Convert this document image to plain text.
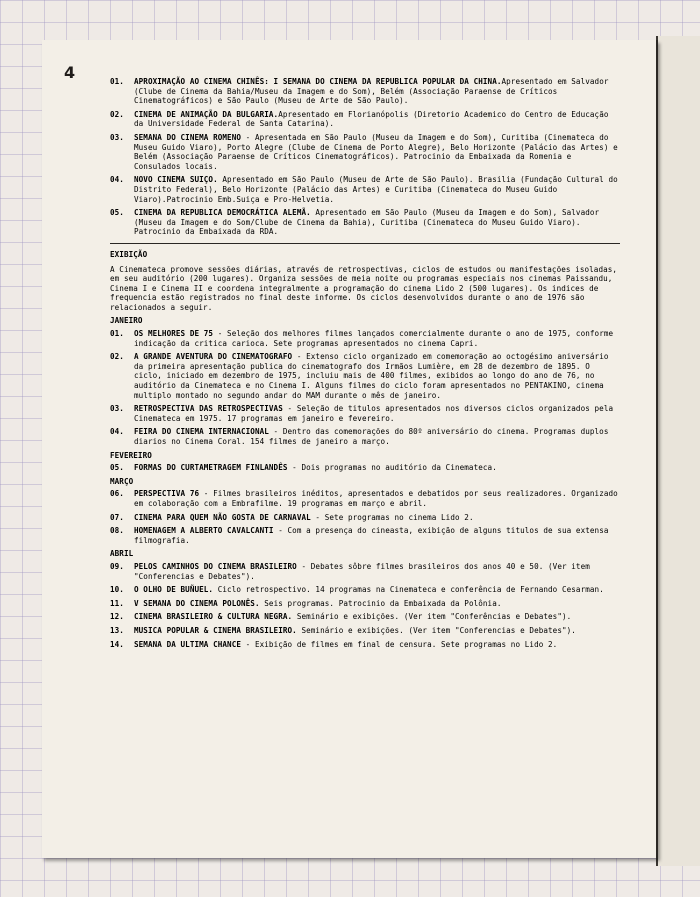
4	01.	APROXIMAÇÃO AO CINEMA CHINÊS: I SEMANA DO CINEMA DA REPUBLICA POPULAR DA CHINA.Apresentado em Salvador (Clube de Cinema da Bahia/Museu da Imagem e do Som), Belém (Associação Paraense de Críticos Cinematográficos) e São Paulo (Museu de Arte de São Paulo).
02.	CINEMA DE ANIMAÇÃO DA BULGARIA.Apresentado em Florianópolis (Diretorio Academico do Centro de Educação da Universidade Federal de Santa Catarina).
03.	SEMANA DO CINEMA ROMENO - Apresentada em São Paulo (Museu da Imagem e do Som), Curitiba (Cinemateca do Museu Guido Viaro), Porto Alegre (Clube de Cinema de Porto Alegre), Belo Horizonte (Palácio das Artes) e Belém (Associação Paraense de Críticos Cinematográficos). Patrocinio da Embaixada da Romenia e Consulados locais.
04.	NOVO CINEMA SUIÇO. Apresentado em São Paulo (Museu de Arte de São Paulo). Brasilia (Fundação Cultural do Distrito Federal), Belo Horizonte (Palácio das Artes) e Curitiba (Cinemateca do Museu Guido Viaro).Patrocinio Emb.Suiça e Pro-Helvetia.
05.	CINEMA DA REPUBLICA DEMOCRÁTICA ALEMÃ. Apresentado em São Paulo (Museu da Imagem e do Som), Salvador (Museu da Imagem e do Som/Clube de Cinema da Bahia), Curitiba (Cinemateca do Museu Guido Viaro). Patrocinio da Embaixada da RDA.
EXIBIÇÃO
A Cinemateca promove sessões diárias, através de retrospectivas, ciclos de estudos ou manifestações isoladas, em seu auditório (200 lugares). Organiza sessões de meia noite ou programas especiais nos cinemas Paissandu, Cinema I e Cinema II e coordena integralmente a programação do cinema Lido 2 (500 lugares). Os indices de frequencia estão registrados no final deste informe. Os ciclos desenvolvidos durante o ano de 1976 são relacionados a seguir.
JANEIRO
01.	OS MELHORES DE 75 - Seleção dos melhores filmes lançados comercialmente durante o ano de 1975, conforme indicação da critica carioca. Sete programas apresentados no cinema Capri.
02.	A GRANDE AVENTURA DO CINEMATOGRAFO - Extenso ciclo organizado em comemoração ao octogésimo aniversário da primeira apresentação publica do cinematografo dos Irmãos Lumière, em 28 de dezembro de 1895. O ciclo, iniciado em dezembro de 1975, incluiu mais de 400 filmes, exibidos ao longo do ano de 76, no auditório da Cinemateca e no Cinema I. Alguns filmes do ciclo foram apresentados no PENTAKINO, cinema multiplo montado no segundo andar do MAM durante o mês de janeiro.
03.	RETROSPECTIVA DAS RETROSPECTIVAS - Seleção de titulos apresentados nos diversos ciclos organizados pela Cinemateca em 1975. 17 programas em janeiro e fevereiro.
04.	FEIRA DO CINEMA INTERNACIONAL - Dentro das comemorações do 80º aniversário do cinema. Programas duplos diarios no Cinema Coral. 154 filmes de janeiro a março.
FEVEREIRO
05.	FORMAS DO CURTAMETRAGEM FINLANDÊS - Dois programas no auditório da Cinemateca.
MARÇO
06.	PERSPECTIVA 76 - Filmes brasileiros inéditos, apresentados e debatidos por seus realizadores. Organizado em colaboração com a Embrafilme. 19 programas em março e abril.
07.	CINEMA PARA QUEM NÃO GOSTA DE CARNAVAL - Sete programas no cinema Lido 2.
08.	HOMENAGEM A ALBERTO CAVALCANTI - Com a presença do cineasta, exibição de alguns titulos de sua extensa filmografia.
ABRIL
09.	PELOS CAMINHOS DO CINEMA BRASILEIRO - Debates sôbre filmes brasileiros dos anos 40 e 50. (Ver item "Conferencias e Debates").
10.	O OLHO DE BUÑUEL. Ciclo retrospectivo. 14 programas na Cinemateca e conferência de Fernando Cesarman.
11.	V SEMANA DO CINEMA POLONÊS. Seis programas. Patrocinio da Embaixada da Polônia.
12.	CINEMA BRASILEIRO & CULTURA NEGRA. Seminário e exibições. (Ver item "Conferências e Debates").
13.	MUSICA POPULAR & CINEMA BRASILEIRO. Seminário e exibições. (Ver item "Conferencias e Debates").
14.	SEMANA DA ULTIMA CHANCE - Exibição de filmes em final de censura. Sete programas no Lido 2.
